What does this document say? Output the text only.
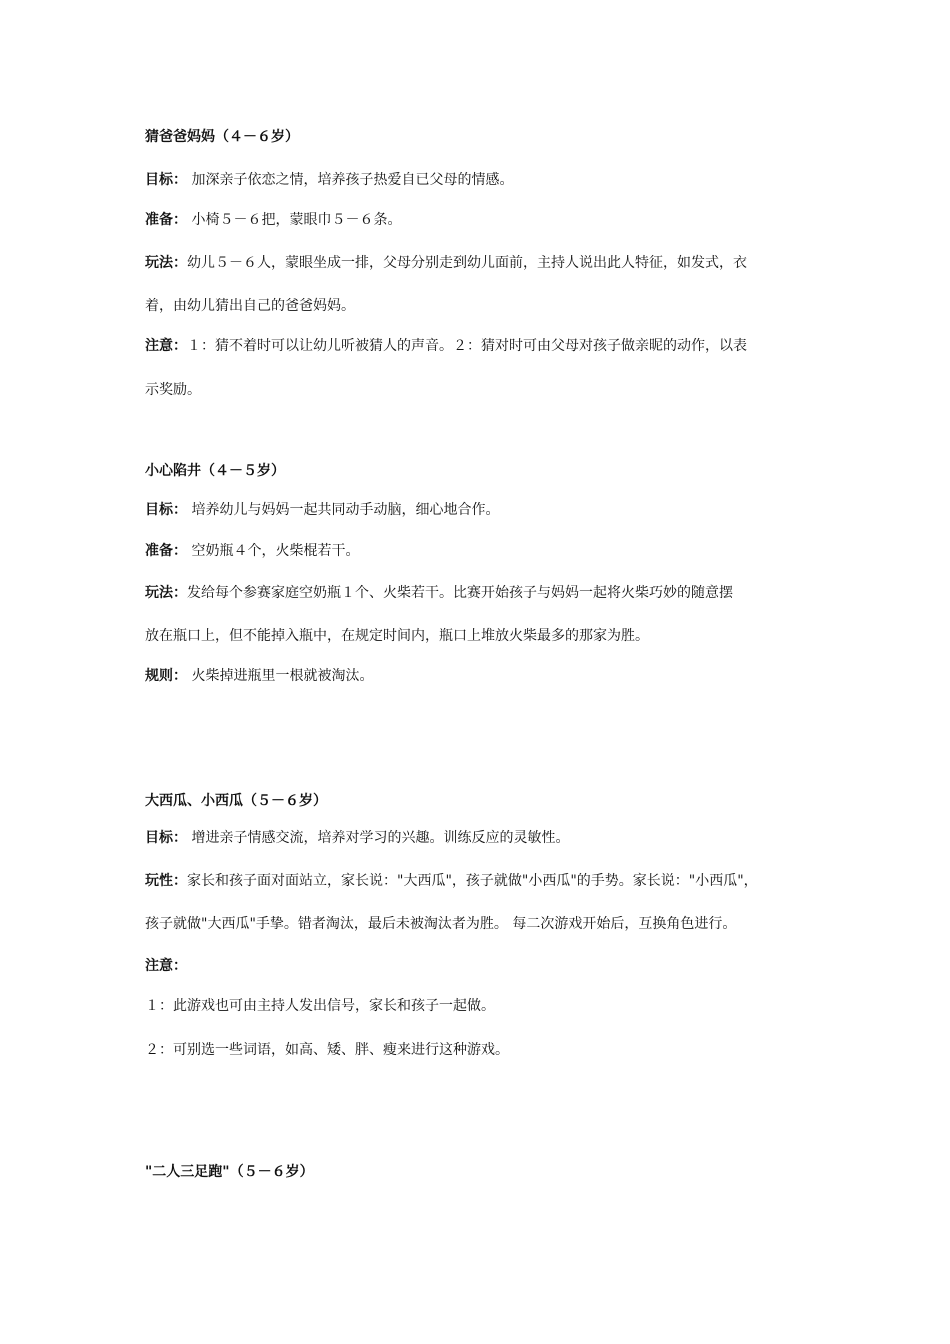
猜爸爸妈妈（４－６岁）
目标： 加深亲子依恋之情，培养孩子热爱自已父母的情感。
准备： 小椅５－６把，蒙眼巾５－６条。
玩法：幼儿５－６人，蒙眼坐成一排，父母分别走到幼儿面前，主持人说出此人特征，如发式，衣
着，由幼儿猜出自己的爸爸妈妈。
注意：１：猜不着时可以让幼儿听被猜人的声音。２：猜对时可由父母对孩子做亲昵的动作，以表
示奖励。
小心陷井（４－５岁）
目标： 培养幼儿与妈妈一起共同动手动脑，细心地合作。
准备： 空奶瓶４个，火柴棍若干。
玩法：发给每个参赛家庭空奶瓶１个、火柴若干。比赛开始孩子与妈妈一起将火柴巧妙的随意摆
放在瓶口上，但不能掉入瓶中，在规定时间内，瓶口上堆放火柴最多的那家为胜。
规则： 火柴掉进瓶里一根就被淘汰。
大西瓜、小西瓜（５－６岁）
目标： 增进亲子情感交流，培养对学习的兴趣。训练反应的灵敏性。
玩性：家长和孩子面对面站立，家长说："大西瓜"，孩子就做"小西瓜"的手势。家长说："小西瓜"，
孩子就做"大西瓜"手挚。错者淘汰，最后未被淘汰者为胜。 每二次游戏开始后，互换角色进行。
注意：
１：此游戏也可由主持人发出信号，家长和孩子一起做。
２：可别选一些词语，如高、矮、胖、瘦来进行这种游戏。
"二人三足跑"（５－６岁）
